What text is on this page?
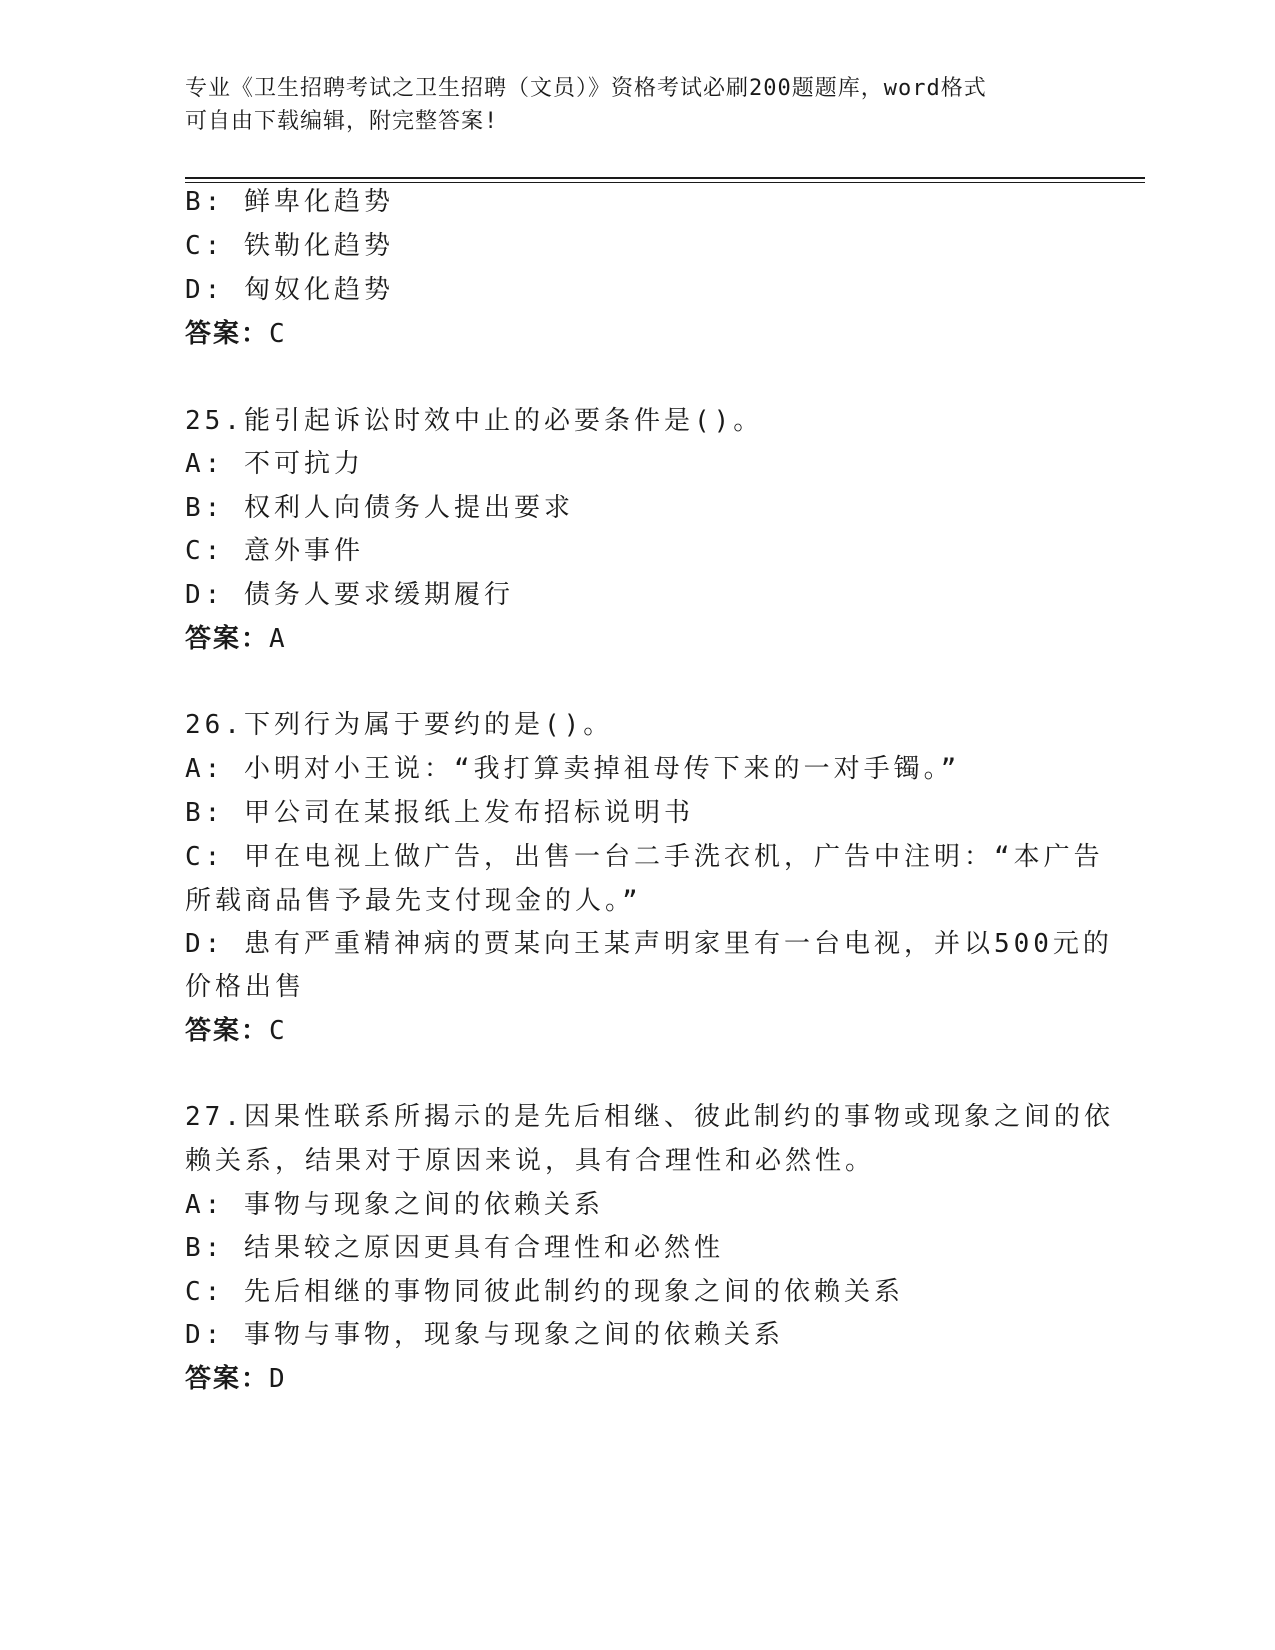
专业《卫生招聘考试之卫生招聘（文员）》资格考试必刷200题题库，word格式
可自由下载编辑，附完整答案!
B: 鲜卑化趋势
C: 铁勒化趋势
D: 匈奴化趋势
答案：C
25.能引起诉讼时效中止的必要条件是()。
A: 不可抗力
B: 权利人向债务人提出要求
C: 意外事件
D: 债务人要求缓期履行
答案：A
26.下列行为属于要约的是()。
A: 小明对小王说：“我打算卖掉祖母传下来的一对手镯。”
B: 甲公司在某报纸上发布招标说明书
C: 甲在电视上做广告，出售一台二手洗衣机，广告中注明：“本广告
所载商品售予最先支付现金的人。”
D: 患有严重精神病的贾某向王某声明家里有一台电视，并以500元的
价格出售
答案：C
27.因果性联系所揭示的是先后相继、彼此制约的事物或现象之间的依
赖关系，结果对于原因来说，具有合理性和必然性。
A: 事物与现象之间的依赖关系
B: 结果较之原因更具有合理性和必然性
C: 先后相继的事物同彼此制约的现象之间的依赖关系
D: 事物与事物，现象与现象之间的依赖关系
答案：D
